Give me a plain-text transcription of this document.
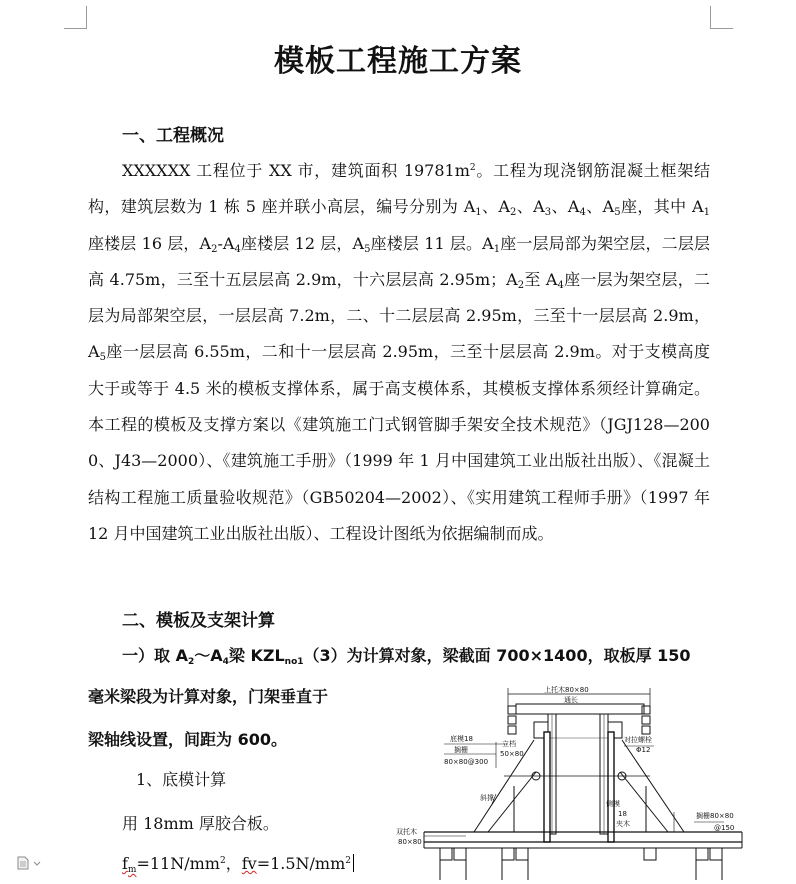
模板工程施工方案
一、工程概况
XXXXXX 工程位于 XX 市，建筑面积 $19781m^2$。工程为现浇钢筋混凝土框架结构，建筑层数为 1 栋 5 座并联小高层，编号分别为 $A_1$、$A_2$、$A_3$、$A_4$、$A_5$座，其中 $A_1$座楼层 16 层，$A_2-A_4$座楼层 12 层，$A_5$座楼层 11 层。$A_1$座一层局部为架空层，二层层高 4.75m，三至十五层层高 2.9m，十六层层高 2.95m；$A_2$至 $A_4$座一层为架空层，二层为局部架空层，一层层高 7.2m，二、十二层层高 2.95m，三至十一层层高 2.9m，$A_5$座一层层高 6.55m，二和十一层层高 2.95m，三至十层层高 2.9m。对于支模高度大于或等于 4.5 米的模板支撑体系，属于高支模体系，其模板支撑体系须经计算确定。本工程的模板及支撑方案以《建筑施工门式钢管脚手架安全技术规范》（JGJ128—2000、J43—2000）、《建筑施工手册》（1999 年 1 月中国建筑工业出版社出版）、《混凝土结构工程施工质量验收规范》（GB50204—2002）、《实用建筑工程师手册》（1997 年 12 月中国建筑工业出版社出版）、工程设计图纸为依据编制而成。
二、模板及支架计算
一）取 $A_2\sim A_4$梁 $KZL_{no1}(3)$为计算对象，梁截面 700×1400，取板厚 150
毫米梁段为计算对象，门架垂直于
梁轴线设置，间距为 600。
1、底模计算
用 18mm 厚胶合板。
$f_m=11N/mm^2$，$fv=1.5N/mm^2$
上托木80×80
通长
底模18
搁栅
80×80@300
立档
50×80
对拉螺栓
Φ12
斜撑
侧模
18
夹木
搁栅80×80
@150
双托木
80×80
